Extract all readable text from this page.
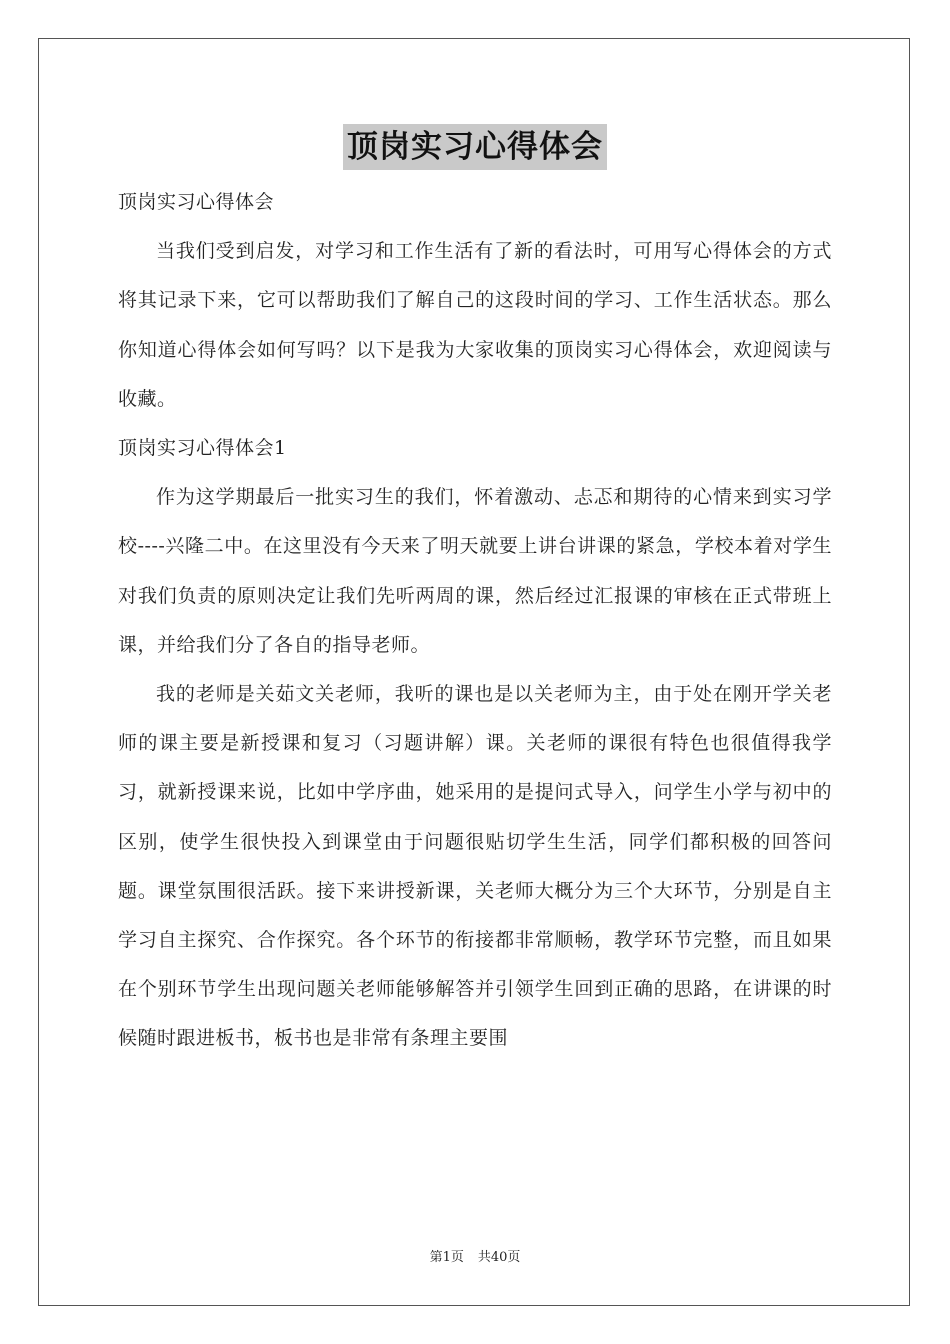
顶岗实习心得体会

顶岗实习心得体会

当我们受到启发，对学习和工作生活有了新的看法时，可用写心得体会的方式将其记录下来，它可以帮助我们了解自己的这段时间的学习、工作生活状态。那么你知道心得体会如何写吗？以下是我为大家收集的顶岗实习心得体会，欢迎阅读与收藏。

顶岗实习心得体会1

作为这学期最后一批实习生的我们，怀着激动、忐忑和期待的心情来到实习学校----兴隆二中。在这里没有今天来了明天就要上讲台讲课的紧急，学校本着对学生对我们负责的原则决定让我们先听两周的课，然后经过汇报课的审核在正式带班上课，并给我们分了各自的指导老师。

我的老师是关茹文关老师，我听的课也是以关老师为主，由于处在刚开学关老师的课主要是新授课和复习（习题讲解）课。关老师的课很有特色也很值得我学习，就新授课来说，比如中学序曲，她采用的是提问式导入，问学生小学与初中的区别，使学生很快投入到课堂由于问题很贴切学生生活，同学们都积极的回答问题。课堂氛围很活跃。接下来讲授新课，关老师大概分为三个大环节，分别是自主学习自主探究、合作探究。各个环节的衔接都非常顺畅，教学环节完整，而且如果在个别环节学生出现问题关老师能够解答并引领学生回到正确的思路，在讲课的时候随时跟进板书，板书也是非常有条理主要围

第1页 共40页
